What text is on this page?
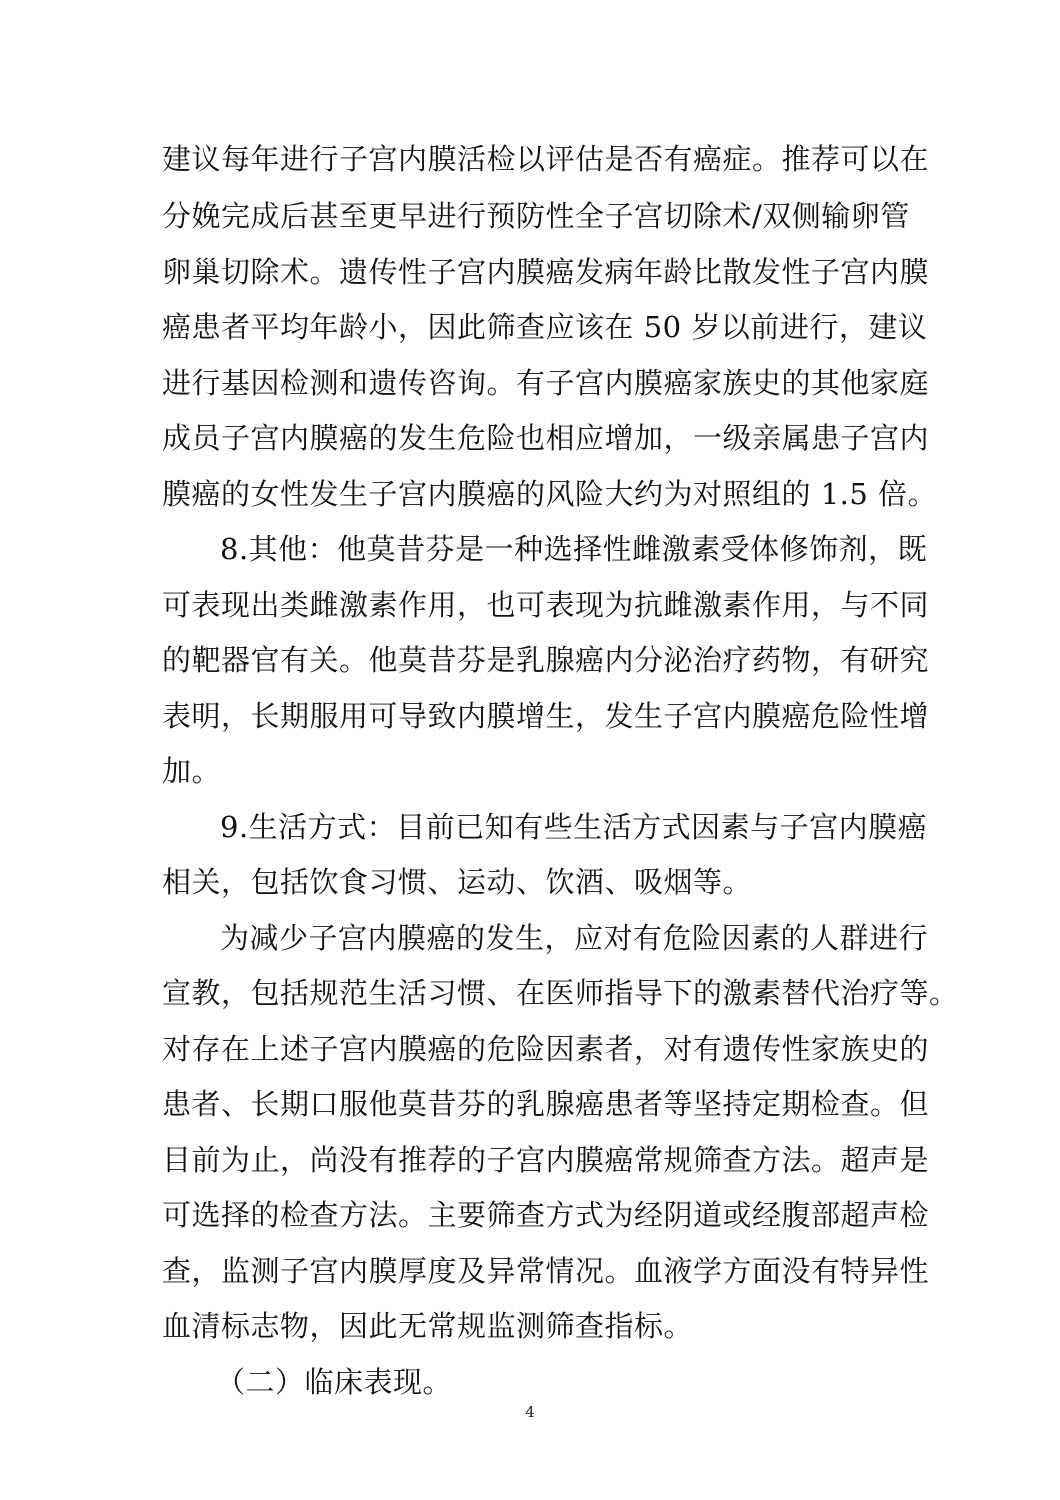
建议每年进行子宫内膜活检以评估是否有癌症。推荐可以在
分娩完成后甚至更早进行预防性全子宫切除术/双侧输卵管
卵巢切除术。遗传性子宫内膜癌发病年龄比散发性子宫内膜
癌患者平均年龄小，因此筛查应该在 50 岁以前进行，建议
进行基因检测和遗传咨询。有子宫内膜癌家族史的其他家庭
成员子宫内膜癌的发生危险也相应增加，一级亲属患子宫内
膜癌的女性发生子宫内膜癌的风险大约为对照组的 1.5 倍。
8.其他：他莫昔芬是一种选择性雌激素受体修饰剂，既
可表现出类雌激素作用，也可表现为抗雌激素作用，与不同
的靶器官有关。他莫昔芬是乳腺癌内分泌治疗药物，有研究
表明，长期服用可导致内膜增生，发生子宫内膜癌危险性增
加。
9.生活方式：目前已知有些生活方式因素与子宫内膜癌
相关，包括饮食习惯、运动、饮酒、吸烟等。
为减少子宫内膜癌的发生，应对有危险因素的人群进行
宣教，包括规范生活习惯、在医师指导下的激素替代治疗等。
对存在上述子宫内膜癌的危险因素者，对有遗传性家族史的
患者、长期口服他莫昔芬的乳腺癌患者等坚持定期检查。但
目前为止，尚没有推荐的子宫内膜癌常规筛查方法。超声是
可选择的检查方法。主要筛查方式为经阴道或经腹部超声检
查，监测子宫内膜厚度及异常情况。血液学方面没有特异性
血清标志物，因此无常规监测筛查指标。
（二）临床表现。
4
